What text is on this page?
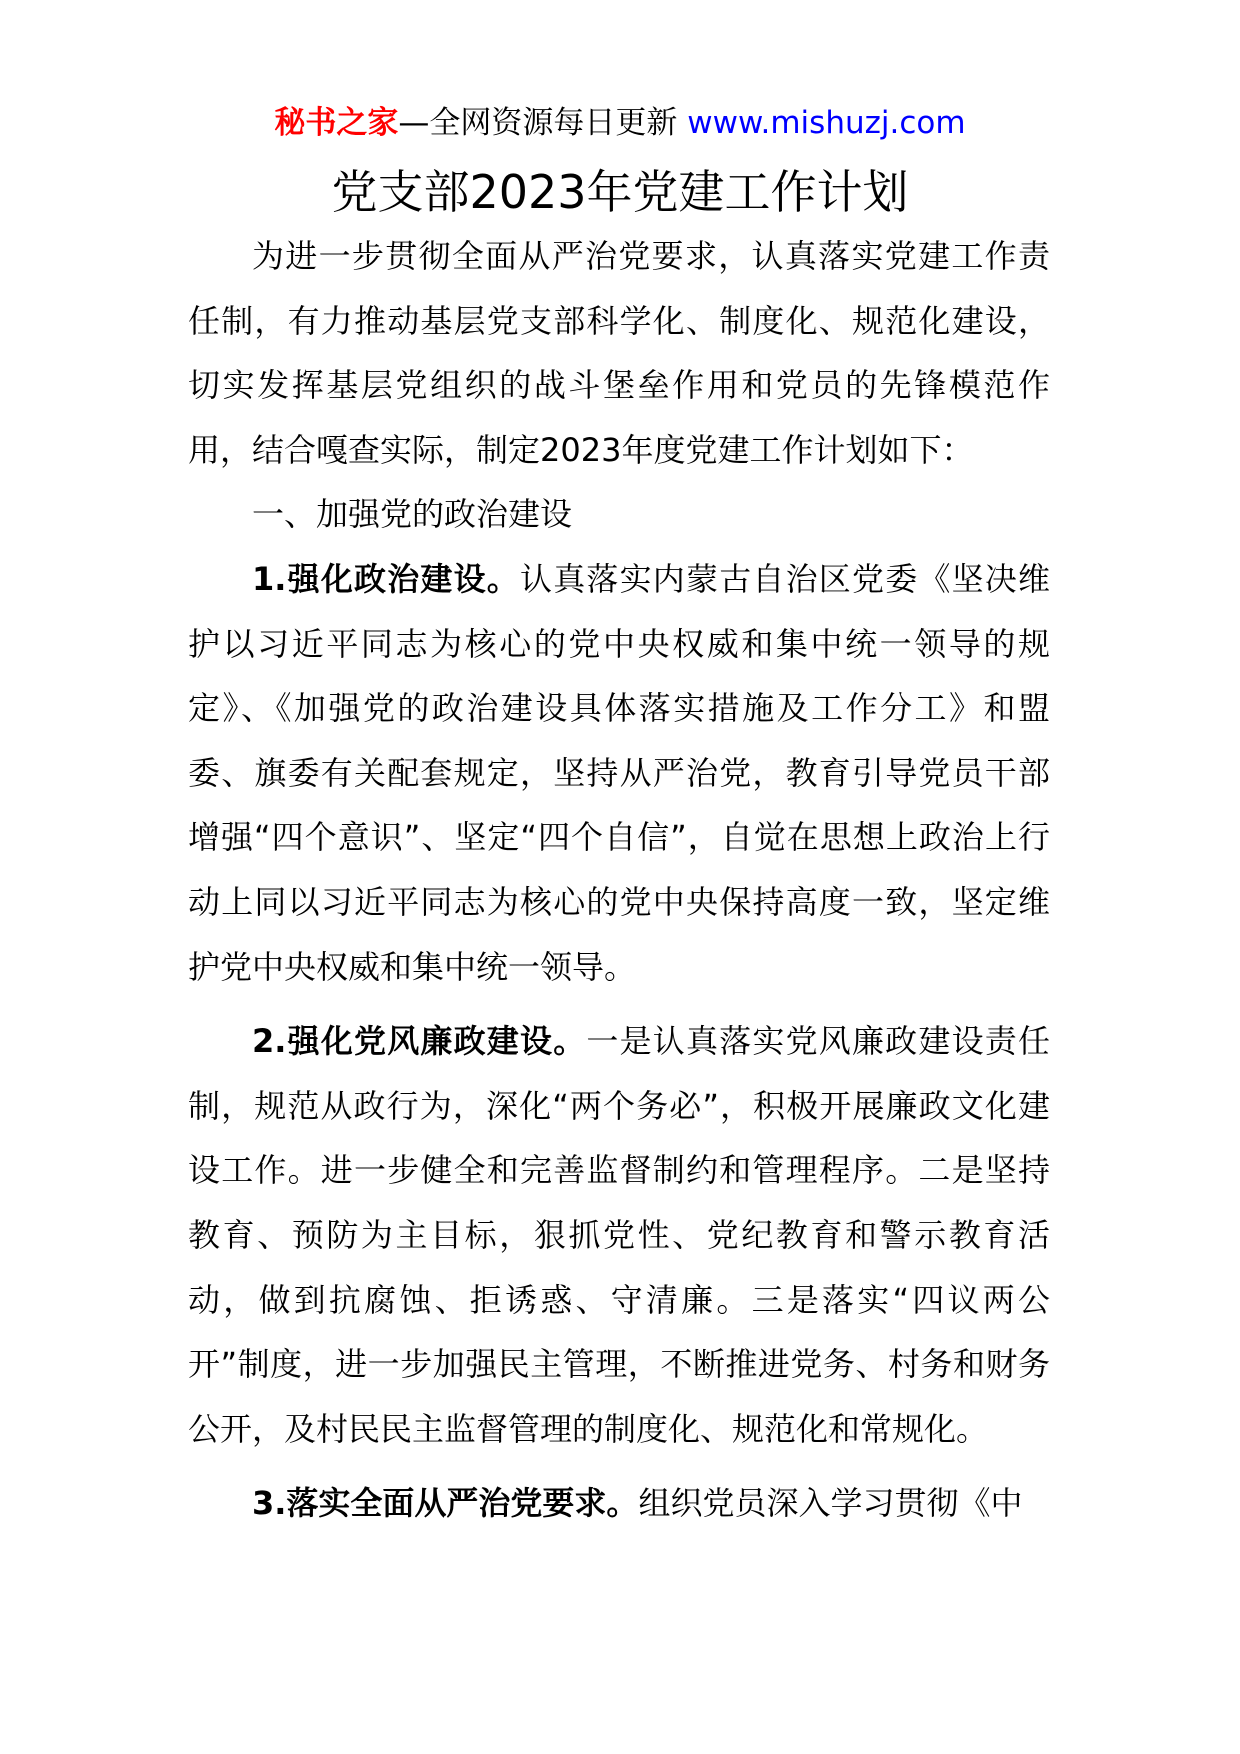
秘书之家—全网资源每日更新 www.mishuzj.com
党支部2023年党建工作计划

为进一步贯彻全面从严治党要求，认真落实党建工作责任制，有力推动基层党支部科学化、制度化、规范化建设，切实发挥基层党组织的战斗堡垒作用和党员的先锋模范作用，结合嘎查实际，制定2023年度党建工作计划如下：

一、加强党的政治建设

1.强化政治建设。认真落实内蒙古自治区党委《坚决维护以习近平同志为核心的党中央权威和集中统一领导的规定》、《加强党的政治建设具体落实措施及工作分工》和盟委、旗委有关配套规定，坚持从严治党，教育引导党员干部增强“四个意识”、坚定“四个自信”，自觉在思想上政治上行动上同以习近平同志为核心的党中央保持高度一致，坚定维护党中央权威和集中统一领导。

2.强化党风廉政建设。一是认真落实党风廉政建设责任制，规范从政行为，深化“两个务必”，积极开展廉政文化建设工作。进一步健全和完善监督制约和管理程序。二是坚持教育、预防为主目标，狠抓党性、党纪教育和警示教育活动，做到抗腐蚀、拒诱惑、守清廉。三是落实“四议两公开”制度，进一步加强民主管理，不断推进党务、村务和财务公开，及村民民主监督管理的制度化、规范化和常规化。

3.落实全面从严治党要求。组织党员深入学习贯彻《中
